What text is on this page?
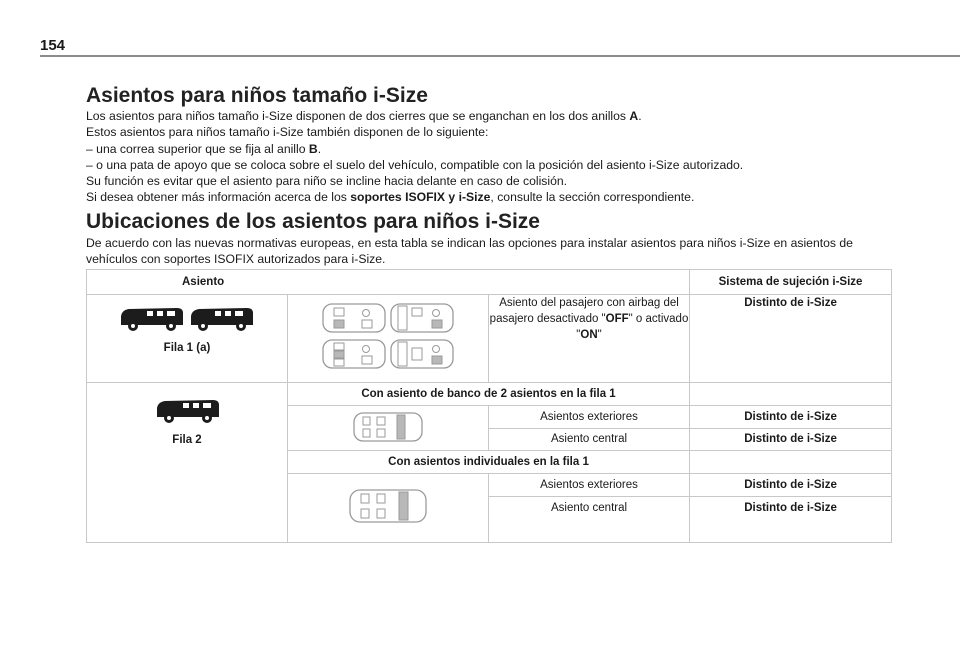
154
Asientos para niños tamaño i-Size
Los asientos para niños tamaño i-Size disponen de dos cierres que se enganchan en los dos anillos A.
Estos asientos para niños tamaño i-Size también disponen de lo siguiente:
– una correa superior que se fija al anillo B.
– o una pata de apoyo que se coloca sobre el suelo del vehículo, compatible con la posición del asiento i-Size autorizado.
Su función es evitar que el asiento para niño se incline hacia delante en caso de colisión.
Si desea obtener más información acerca de los soportes ISOFIX y i-Size, consulte la sección correspondiente.
Ubicaciones de los asientos para niños i-Size
De acuerdo con las nuevas normativas europeas, en esta tabla se indican las opciones para instalar asientos para niños i-Size en asientos de vehículos con soportes ISOFIX autorizados para i-Size.
Asiento			Sistema de sujeción i-Size

Fila 1 (a)		Asiento del pasajero con airbag del pasajero desactivado "OFF" o activado "ON"	Distinto de i-Size

Fila 2	Con asiento de banco de 2 asientos en la fila 1		
	Asientos exteriores	Distinto de i-Size
		Asiento central	Distinto de i-Size
	Con asientos individuales en la fila 1		
	Asientos exteriores	Distinto de i-Size
		Asiento central	Distinto de i-Size
